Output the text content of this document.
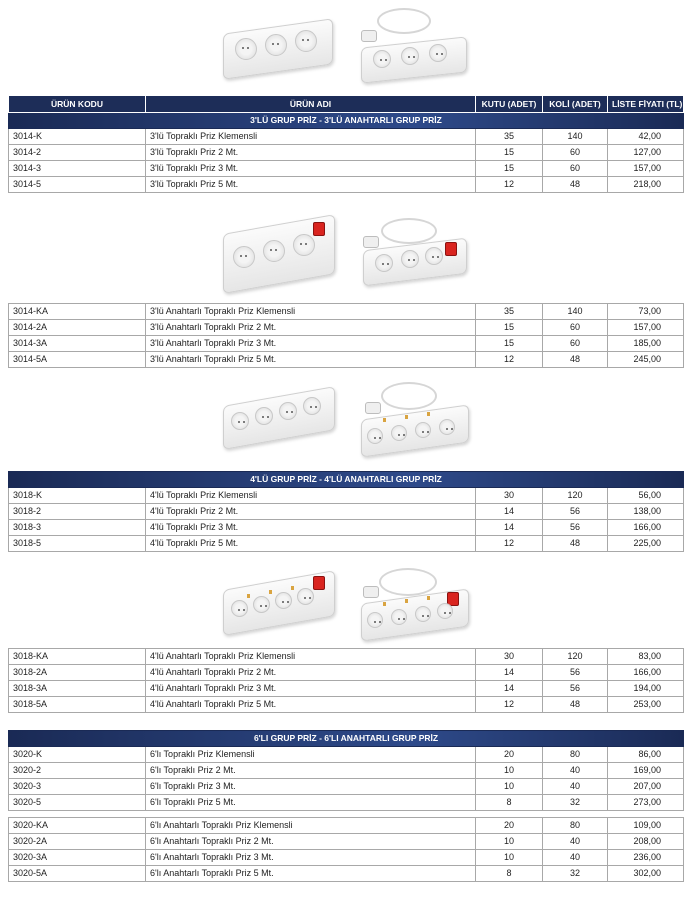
ÜRÜN KODU	ÜRÜN ADI	KUTU (ADET)	KOLİ (ADET)	LİSTE FİYATI (TL)
3'LÜ GRUP PRİZ - 3'LÜ ANAHTARLI GRUP PRİZ				
3014-K	3'lü Topraklı Priz Klemensli	35	140	42,00
3014-2	3'lü Topraklı Priz 2 Mt.	15	60	127,00
3014-3	3'lü Topraklı Priz 3 Mt.	15	60	157,00
3014-5	3'lü Topraklı Priz 5 Mt.	12	48	218,00
3014-KA	3'lü Anahtarlı Topraklı Priz Klemensli	35	140	73,00
3014-2A	3'lü Anahtarlı Topraklı Priz 2 Mt.	15	60	157,00
3014-3A	3'lü Anahtarlı Topraklı Priz 3 Mt.	15	60	185,00
3014-5A	3'lü Anahtarlı Topraklı Priz 5 Mt.	12	48	245,00
4'LÜ GRUP PRİZ - 4'LÜ ANAHTARLI GRUP PRİZ				
3018-K	4'lü Topraklı Priz Klemensli	30	120	56,00
3018-2	4'lü Topraklı Priz 2 Mt.	14	56	138,00
3018-3	4'lü Topraklı Priz 3 Mt.	14	56	166,00
3018-5	4'lü Topraklı Priz 5 Mt.	12	48	225,00
3018-KA	4'lü Anahtarlı Topraklı Priz Klemensli	30	120	83,00
3018-2A	4'lü Anahtarlı Topraklı Priz 2 Mt.	14	56	166,00
3018-3A	4'lü Anahtarlı Topraklı Priz 3 Mt.	14	56	194,00
3018-5A	4'lü Anahtarlı Topraklı Priz 5 Mt.	12	48	253,00
6'LI GRUP PRİZ - 6'LI ANAHTARLI GRUP PRİZ				
3020-K	6'lı Topraklı Priz Klemensli	20	80	86,00
3020-2	6'lı Topraklı Priz 2 Mt.	10	40	169,00
3020-3	6'lı Topraklı Priz 3 Mt.	10	40	207,00
3020-5	6'lı Topraklı Priz 5 Mt.	8	32	273,00

3020-KA	6'lı Anahtarlı Topraklı Priz Klemensli	20	80	109,00
3020-2A	6'lı Anahtarlı Topraklı Priz 2 Mt.	10	40	208,00
3020-3A	6'lı Anahtarlı Topraklı Priz 3 Mt.	10	40	236,00
3020-5A	6'lı Anahtarlı Topraklı Priz 5 Mt.	8	32	302,00
